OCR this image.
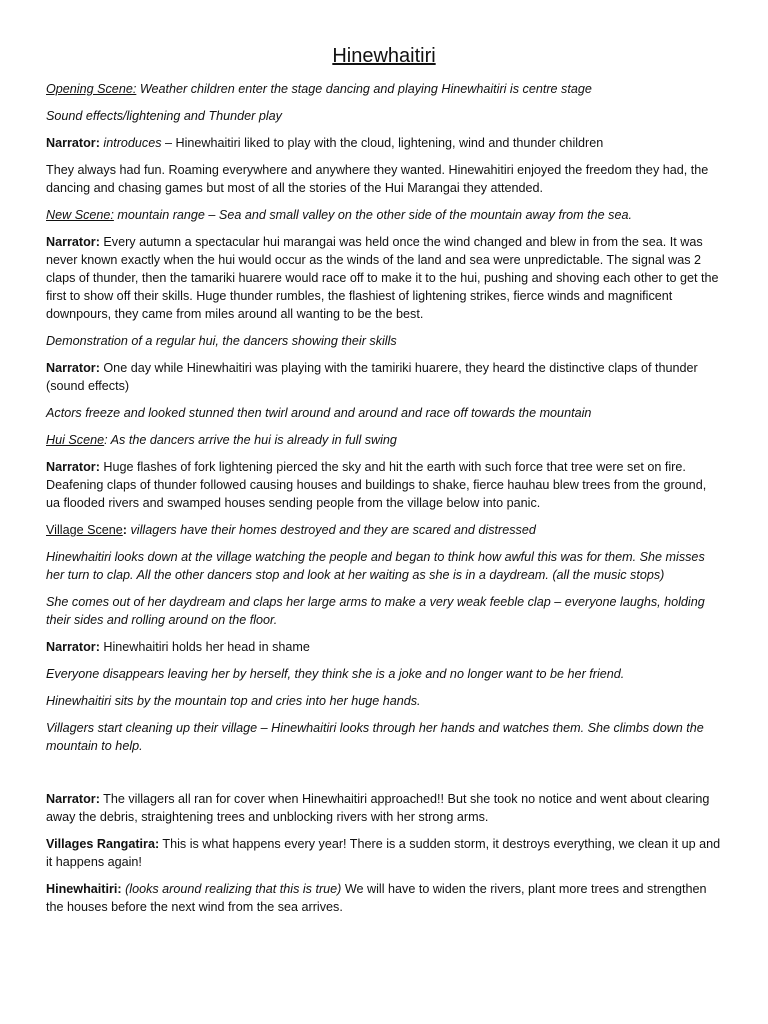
Hinewhaitiri

Opening Scene: Weather children enter the stage dancing and playing Hinewhaitiri is centre stage

Sound effects/lightening and Thunder play

Narrator: introduces – Hinewhaitiri liked to play with the cloud, lightening, wind and thunder children

They always had fun. Roaming everywhere and anywhere they wanted. Hinewahitiri enjoyed the freedom they had, the dancing and chasing games but most of all the stories of the Hui Marangai they attended.

New Scene: mountain range – Sea and small valley on the other side of the mountain away from the sea.

Narrator: Every autumn a spectacular hui marangai was held once the wind changed and blew in from the sea. It was never known exactly when the hui would occur as the winds of the land and sea were unpredictable. The signal was 2 claps of thunder, then the tamariki huarere would race off to make it to the hui, pushing and shoving each other to get the first to show off their skills. Huge thunder rumbles, the flashiest of lightening strikes, fierce winds and magnificent downpours, they came from miles around all wanting to be the best.

Demonstration of a regular hui, the dancers showing their skills

Narrator: One day while Hinewhaitiri was playing with the tamiriki huarere, they heard the distinctive claps of thunder (sound effects)

Actors freeze and looked stunned then twirl around and around and race off towards the mountain

Hui Scene: As the dancers arrive the hui is already in full swing

Narrator: Huge flashes of fork lightening pierced the sky and hit the earth with such force that tree were set on fire. Deafening claps of thunder followed causing houses and buildings to shake, fierce hauhau blew trees from the ground, ua flooded rivers and swamped houses sending people from the village below into panic.

Village Scene: villagers have their homes destroyed and they are scared and distressed

Hinewhaitiri looks down at the village watching the people and began to think how awful this was for them. She misses her turn to clap. All the other dancers stop and look at her waiting as she is in a daydream. (all the music stops)

She comes out of her daydream and claps her large arms to make a very weak feeble clap – everyone laughs, holding their sides and rolling around on the floor.

Narrator: Hinewhaitiri holds her head in shame

Everyone disappears leaving her by herself, they think she is a joke and no longer want to be her friend.

Hinewhaitiri sits by the mountain top and cries into her huge hands.

Villagers start cleaning up their village – Hinewhaitiri looks through her hands and watches them. She climbs down the mountain to help.

Narrator: The villagers all ran for cover when Hinewhaitiri approached!! But she took no notice and went about clearing away the debris, straightening trees and unblocking rivers with her strong arms.

Villages Rangatira: This is what happens every year! There is a sudden storm, it destroys everything, we clean it up and it happens again!

Hinewhaitiri: (looks around realizing that this is true) We will have to widen the rivers, plant more trees and strengthen the houses before the next wind from the sea arrives.
